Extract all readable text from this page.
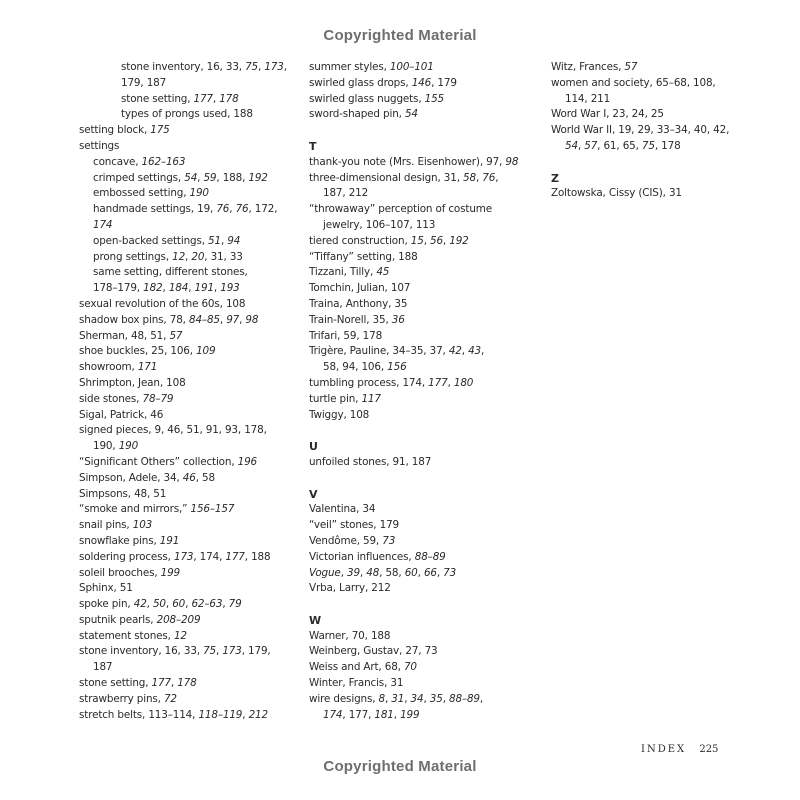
Copyrighted Material
stone inventory, 16, 33, 75, 173,
179, 187
stone setting, 177, 178
types of prongs used, 188
setting block, 175
settings
concave, 162–163
crimped settings, 54, 59, 188, 192
embossed setting, 190
handmade settings, 19, 76, 76, 172,
174
open-backed settings, 51, 94
prong settings, 12, 20, 31, 33
same setting, different stones,
178–179, 182, 184, 191, 193
sexual revolution of the 60s, 108
shadow box pins, 78, 84–85, 97, 98
Sherman, 48, 51, 57
shoe buckles, 25, 106, 109
showroom, 171
Shrimpton, Jean, 108
side stones, 78–79
Sigal, Patrick, 46
signed pieces, 9, 46, 51, 91, 93, 178,
190, 190
“Significant Others” collection, 196
Simpson, Adele, 34, 46, 58
Simpsons, 48, 51
“smoke and mirrors,” 156–157
snail pins, 103
snowflake pins, 191
soldering process, 173, 174, 177, 188
soleil brooches, 199
Sphinx, 51
spoke pin, 42, 50, 60, 62–63, 79
sputnik pearls, 208–209
statement stones, 12
stone inventory, 16, 33, 75, 173, 179,
187
stone setting, 177, 178
strawberry pins, 72
stretch belts, 113–114, 118–119, 212
summer styles, 100–101
swirled glass drops, 146, 179
swirled glass nuggets, 155
sword-shaped pin, 54
T
thank-you note (Mrs. Eisenhower), 97, 98
three-dimensional design, 31, 58, 76,
187, 212
“throwaway” perception of costume
jewelry, 106–107, 113
tiered construction, 15, 56, 192
“Tiffany” setting, 188
Tizzani, Tilly, 45
Tomchin, Julian, 107
Traina, Anthony, 35
Train-Norell, 35, 36
Trifari, 59, 178
Trigère, Pauline, 34–35, 37, 42, 43,
58, 94, 106, 156
tumbling process, 174, 177, 180
turtle pin, 117
Twiggy, 108
U
unfoiled stones, 91, 187
V
Valentina, 34
“veil” stones, 179
Vendôme, 59, 73
Victorian influences, 88–89
Vogue, 39, 48, 58, 60, 66, 73
Vrba, Larry, 212
W
Warner, 70, 188
Weinberg, Gustav, 27, 73
Weiss and Art, 68, 70
Winter, Francis, 31
wire designs, 8, 31, 34, 35, 88–89,
174, 177, 181, 199
Witz, Frances, 57
women and society, 65–68, 108,
114, 211
Word War I, 23, 24, 25
World War II, 19, 29, 33–34, 40, 42,
54, 57, 61, 65, 75, 178
Z
Zoltowska, Cissy (CIS), 31
INDEX 225
Copyrighted Material
